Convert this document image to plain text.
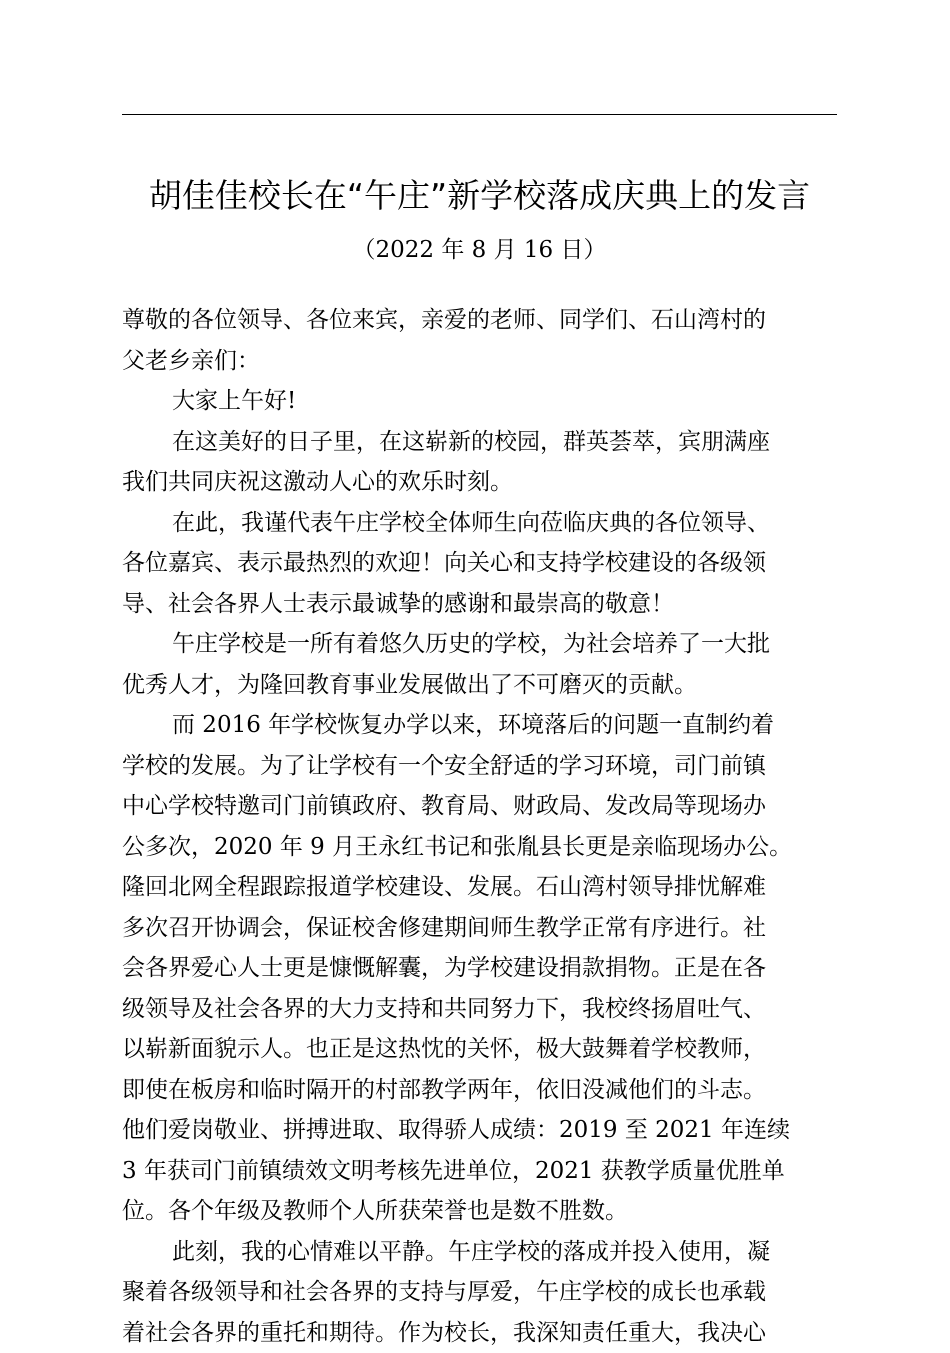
胡佳佳校长在“午庄”新学校落成庆典上的发言
（2022 年 8 月 16 日）
尊敬的各位领导、各位来宾，亲爱的老师、同学们、石山湾村的
父老乡亲们：
大家上午好!
在这美好的日子里，在这崭新的校园，群英荟萃，宾朋满座
我们共同庆祝这激动人心的欢乐时刻。
在此，我谨代表午庄学校全体师生向莅临庆典的各位领导、
各位嘉宾、表示最热烈的欢迎！向关心和支持学校建设的各级领
导、社会各界人士表示最诚挚的感谢和最崇高的敬意！
午庄学校是一所有着悠久历史的学校，为社会培养了一大批
优秀人才，为隆回教育事业发展做出了不可磨灭的贡献。
而 2016 年学校恢复办学以来，环境落后的问题一直制约着
学校的发展。为了让学校有一个安全舒适的学习环境，司门前镇
中心学校特邀司门前镇政府、教育局、财政局、发改局等现场办
公多次，2020 年 9 月王永红书记和张胤县长更是亲临现场办公。
隆回北网全程跟踪报道学校建设、发展。石山湾村领导排忧解难
多次召开协调会，保证校舍修建期间师生教学正常有序进行。社
会各界爱心人士更是慷慨解囊，为学校建设捐款捐物。正是在各
级领导及社会各界的大力支持和共同努力下，我校终扬眉吐气、
以崭新面貌示人。也正是这热忱的关怀，极大鼓舞着学校教师，
即使在板房和临时隔开的村部教学两年，依旧没减他们的斗志。
他们爱岗敬业、拼搏进取、取得骄人成绩：2019 至 2021 年连续
3 年获司门前镇绩效文明考核先进单位，2021 获教学质量优胜单
位。各个年级及教师个人所获荣誉也是数不胜数。
此刻，我的心情难以平静。午庄学校的落成并投入使用，凝
聚着各级领导和社会各界的支持与厚爱，午庄学校的成长也承载
着社会各界的重托和期待。作为校长，我深知责任重大，我决心
